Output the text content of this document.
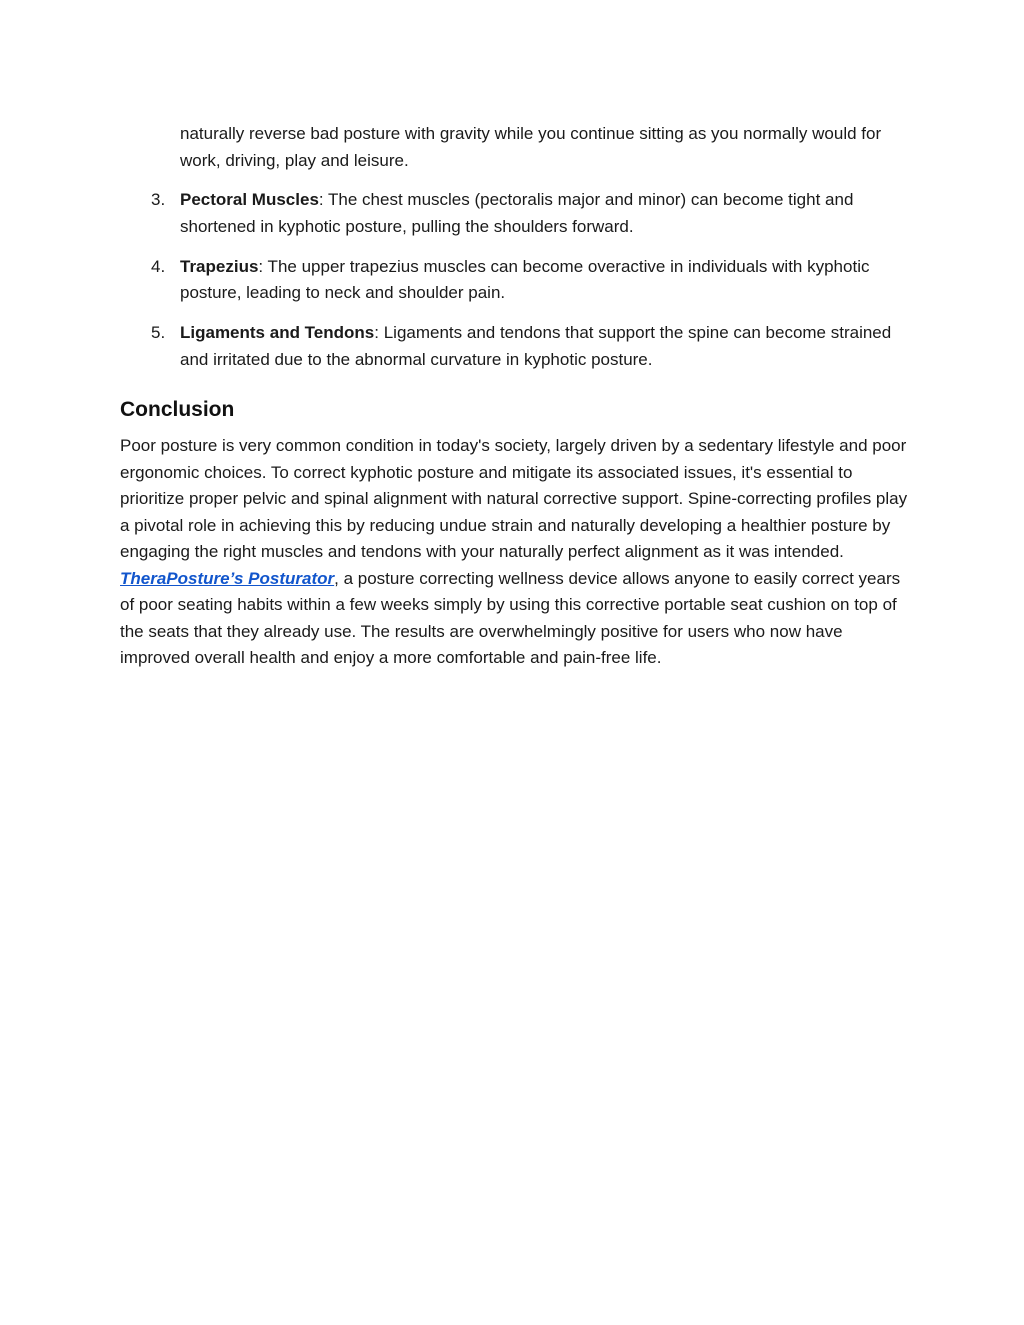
naturally reverse bad posture with gravity while you continue sitting as you normally would for work, driving, play and leisure.

3. Pectoral Muscles: The chest muscles (pectoralis major and minor) can become tight and shortened in kyphotic posture, pulling the shoulders forward.
4. Trapezius: The upper trapezius muscles can become overactive in individuals with kyphotic posture, leading to neck and shoulder pain.
5. Ligaments and Tendons: Ligaments and tendons that support the spine can become strained and irritated due to the abnormal curvature in kyphotic posture.
Conclusion

Poor posture is very common condition in today's society, largely driven by a sedentary lifestyle and poor ergonomic choices. To correct kyphotic posture and mitigate its associated issues, it's essential to prioritize proper pelvic and spinal alignment with natural corrective support. Spine-correcting profiles play a pivotal role in achieving this by reducing undue strain and naturally developing a healthier posture by engaging the right muscles and tendons with your naturally perfect alignment as it was intended. TheraPosture’s Posturator, a posture correcting wellness device allows anyone to easily correct years of poor seating habits within a few weeks simply by using this corrective portable seat cushion on top of the seats that they already use. The results are overwhelmingly positive for users who now have improved overall health and enjoy a more comfortable and pain-free life.
